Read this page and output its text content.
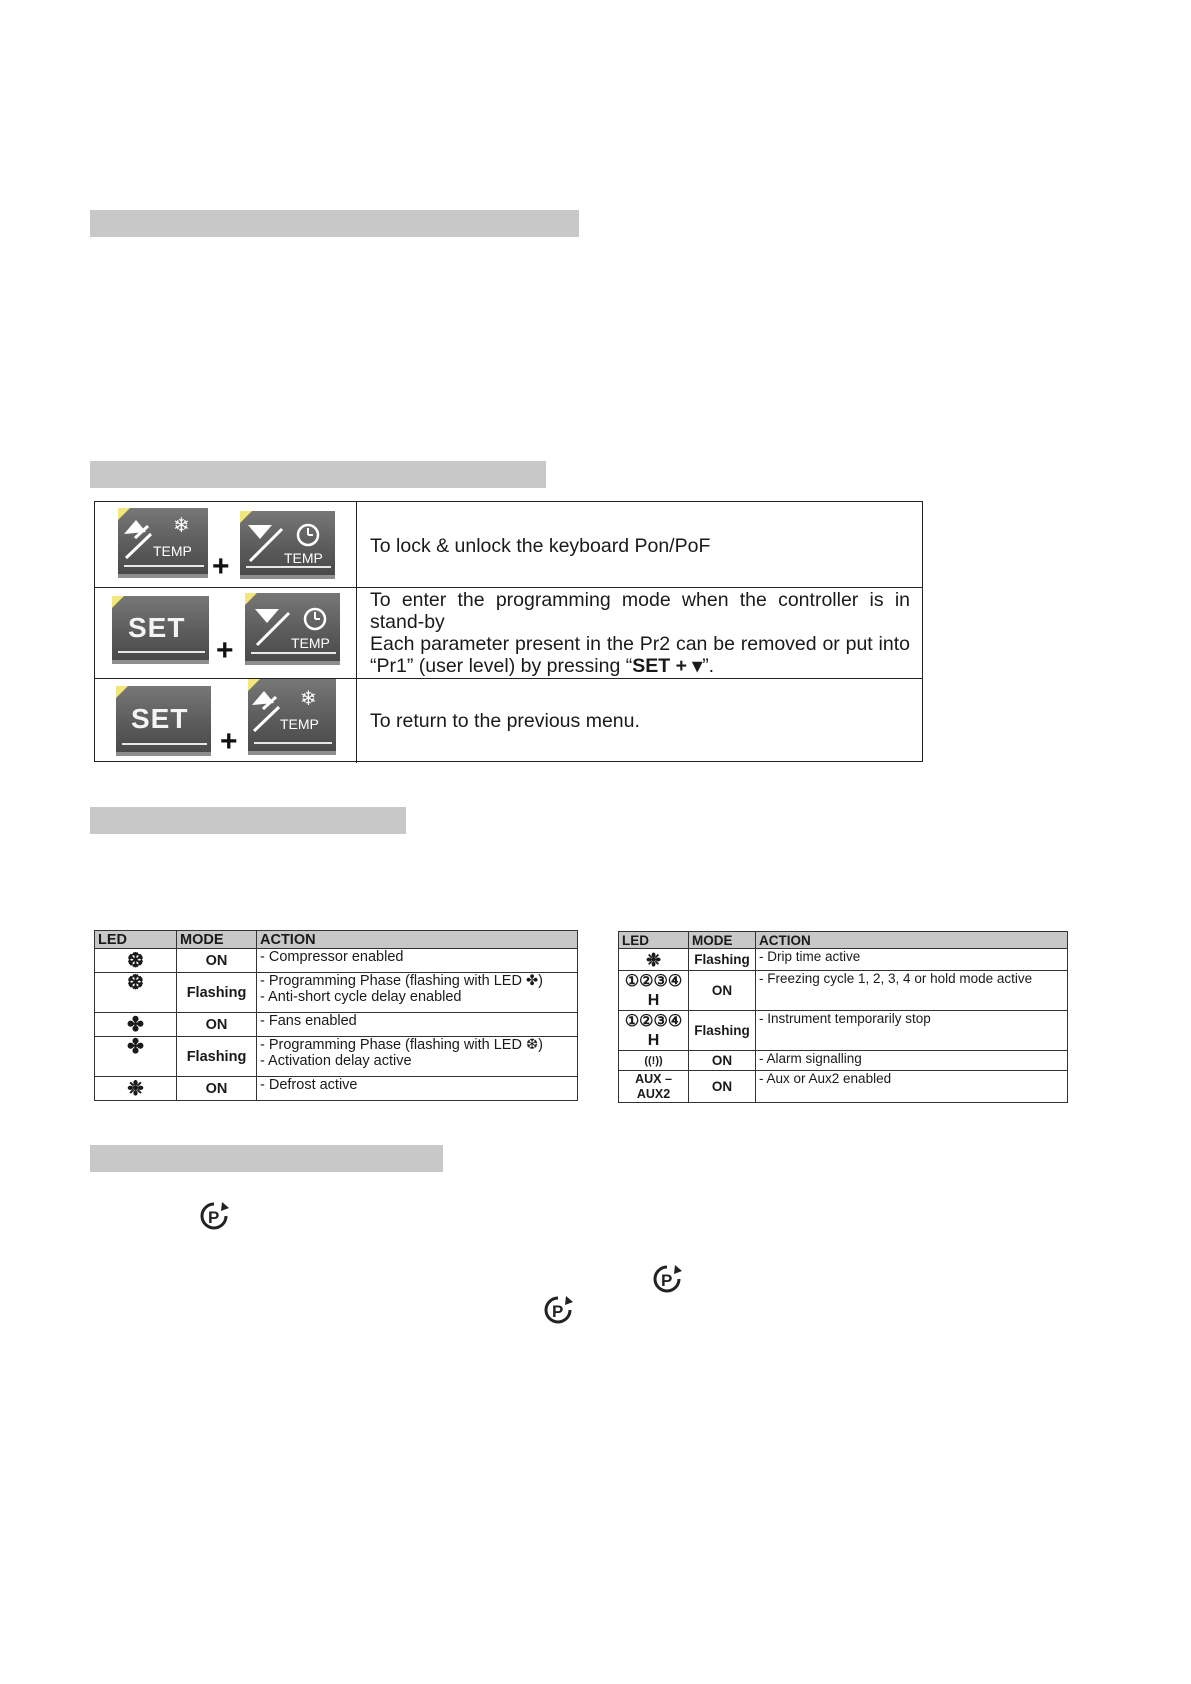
❄
TEMP +	TEMP
To lock & unlock the keyboard Pon/PoF
SET
+	TEMP
To enter the programming mode when the controller is in stand-by
Each parameter present in the Pr2 can be removed or put into “Pr1” (user level) by pressing “SET + ▾”.
SET
+
❄
TEMP	To return to the previous menu.
LED	MODE	ACTION
❆	ON	- Compressor enabled
❆	Flashing	- Programming Phase (flashing with LED ✤)
- Anti-short cycle delay enabled

✤	ON	- Fans enabled
✤	Flashing	- Programming Phase (flashing with LED ❆)
- Activation delay active

❉	ON	- Defrost active
LED	MODE	ACTION
❉	Flashing	- Drip time active

①②③④
H	ON	- Freezing cycle 1, 2, 3, 4 or hold mode active

①②③④
H	Flashing	- Instrument temporarily stop
((!))	ON	- Alarm signalling

AUX –
AUX2	ON	- Aux or Aux2 enabled
P
P
P
